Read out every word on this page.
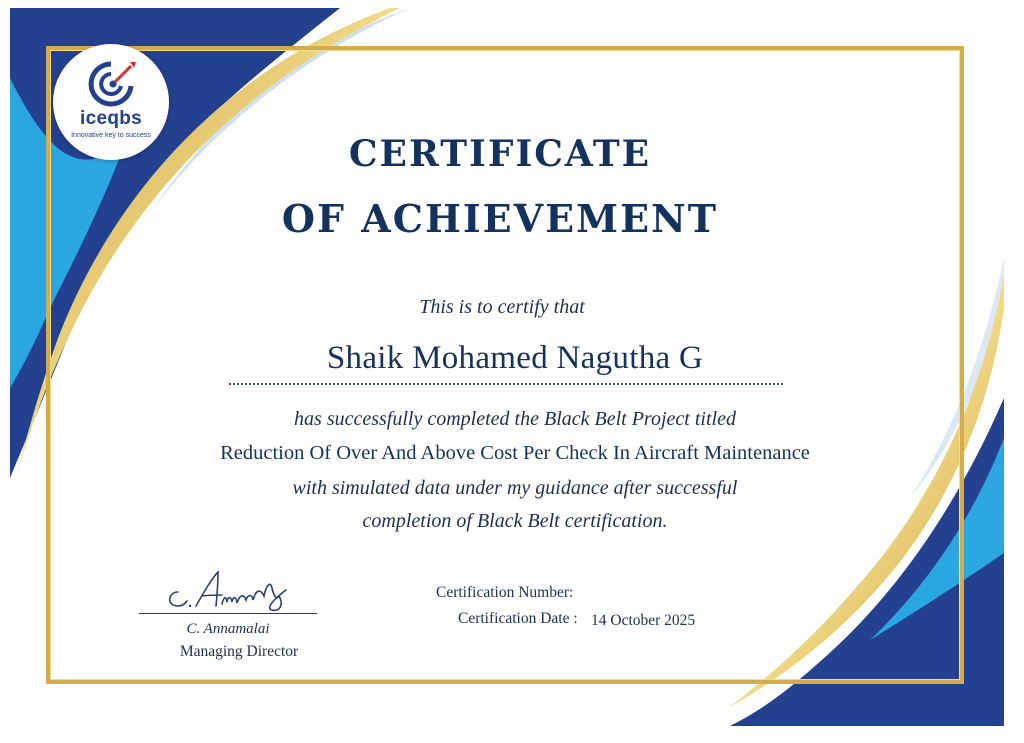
iceqbs
Innovative key to success	CERTIFICATE
OF ACHIEVEMENT
This is to certify that
Shaik Mohamed Nagutha G
has successfully completed the Black Belt Project titled
Reduction Of Over And Above Cost Per Check In Aircraft Maintenance
with simulated data under my guidance after successful
completion of Black Belt certification.
C. Annamalai
Managing Director
Certification Number:
Certification Date : 14 October 2025
